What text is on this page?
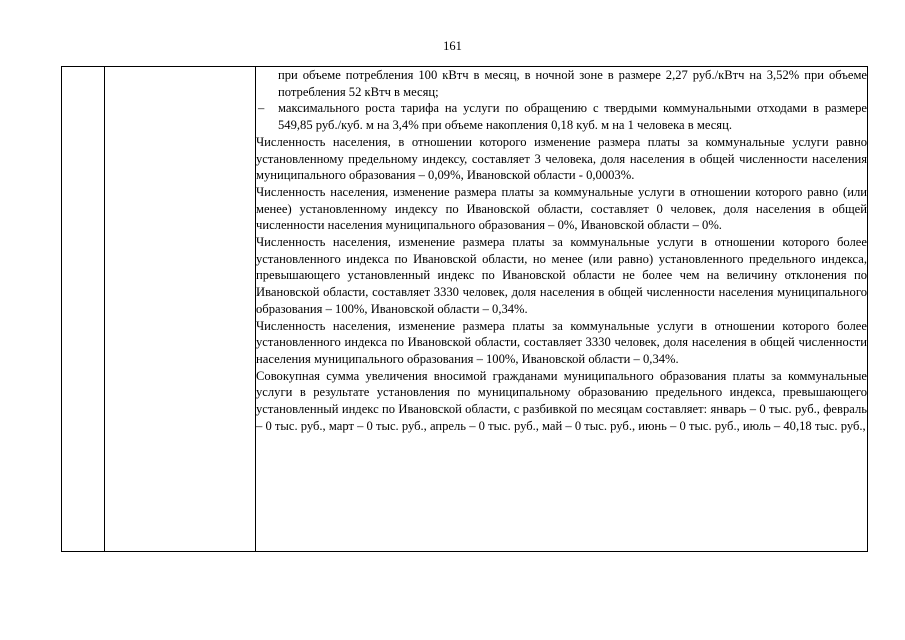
161

при объеме потребления 100 кВтч в месяц, в ночной зоне в размере 2,27 руб./кВтч на 3,52% при объеме потребления 52 кВтч в месяц;

– максимального роста тарифа на услуги по обращению с твердыми коммунальными отходами в размере 549,85 руб./куб. м на 3,4% при объеме накопления 0,18 куб. м на 1 человека в месяц.

Численность населения, в отношении которого изменение размера платы за коммунальные услуги равно установленному предельному индексу, составляет 3 человека, доля населения в общей численности населения муниципального образования – 0,09%, Ивановской области - 0,0003%.

Численность населения, изменение размера платы за коммунальные услуги в отношении которого равно (или менее) установленному индексу по Ивановской области, составляет 0 человек, доля населения в общей численности населения муниципального образования – 0%, Ивановской области – 0%.

Численность населения, изменение размера платы за коммунальные услуги в отношении которого более установленного индекса по Ивановской области, но менее (или равно) установленного предельного индекса, превышающего установленный индекс по Ивановской области не более чем на величину отклонения по Ивановской области, составляет 3330 человек, доля населения в общей численности населения муниципального образования – 100%, Ивановской области – 0,34%.

Численность населения, изменение размера платы за коммунальные услуги в отношении которого более установленного индекса по Ивановской области, составляет 3330 человек, доля населения в общей численности населения муниципального образования – 100%, Ивановской области – 0,34%.

Совокупная сумма увеличения вносимой гражданами муниципального образования платы за коммунальные услуги в результате установления по муниципальному образованию предельного индекса, превышающего установленный индекс по Ивановской области, с разбивкой по месяцам составляет: январь – 0 тыс. руб., февраль – 0 тыс. руб., март – 0 тыс. руб., апрель – 0 тыс. руб., май – 0 тыс. руб., июнь – 0 тыс. руб., июль – 40,18 тыс. руб.,
